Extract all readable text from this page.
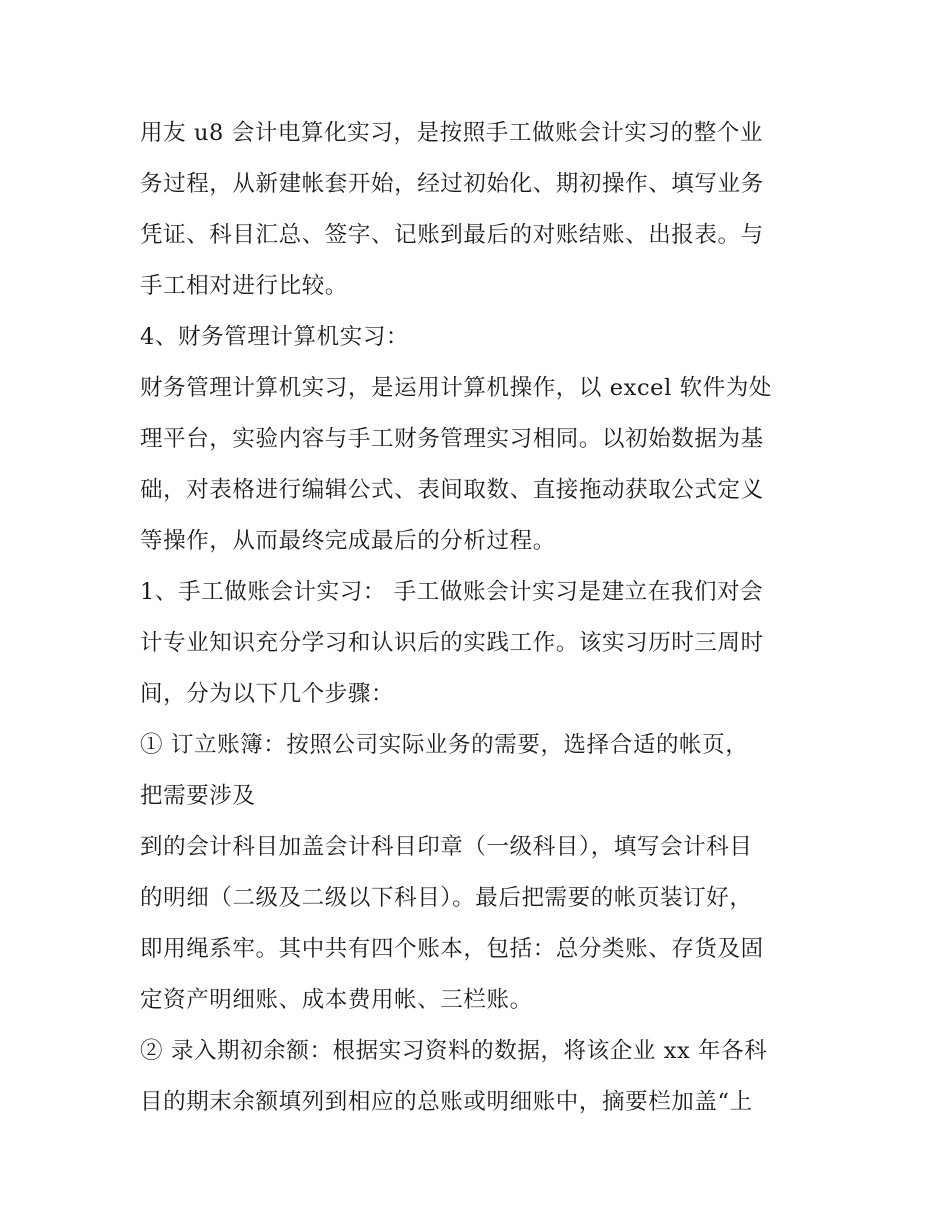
用友 u8 会计电算化实习，是按照手工做账会计实习的整个业
务过程，从新建帐套开始，经过初始化、期初操作、填写业务
凭证、科目汇总、签字、记账到最后的对账结账、出报表。与
手工相对进行比较。
4、财务管理计算机实习：
财务管理计算机实习，是运用计算机操作，以 excel 软件为处
理平台，实验内容与手工财务管理实习相同。以初始数据为基
础，对表格进行编辑公式、表间取数、直接拖动获取公式定义
等操作，从而最终完成最后的分析过程。
1、手工做账会计实习： 手工做账会计实习是建立在我们对会
计专业知识充分学习和认识后的实践工作。该实习历时三周时
间，分为以下几个步骤：
① 订立账簿：按照公司实际业务的需要，选择合适的帐页，
把需要涉及
到的会计科目加盖会计科目印章（一级科目），填写会计科目
的明细（二级及二级以下科目）。最后把需要的帐页装订好，
即用绳系牢。其中共有四个账本，包括：总分类账、存货及固
定资产明细账、成本费用帐、三栏账。
② 录入期初余额：根据实习资料的数据，将该企业 xx 年各科
目的期末余额填列到相应的总账或明细账中，摘要栏加盖“上
